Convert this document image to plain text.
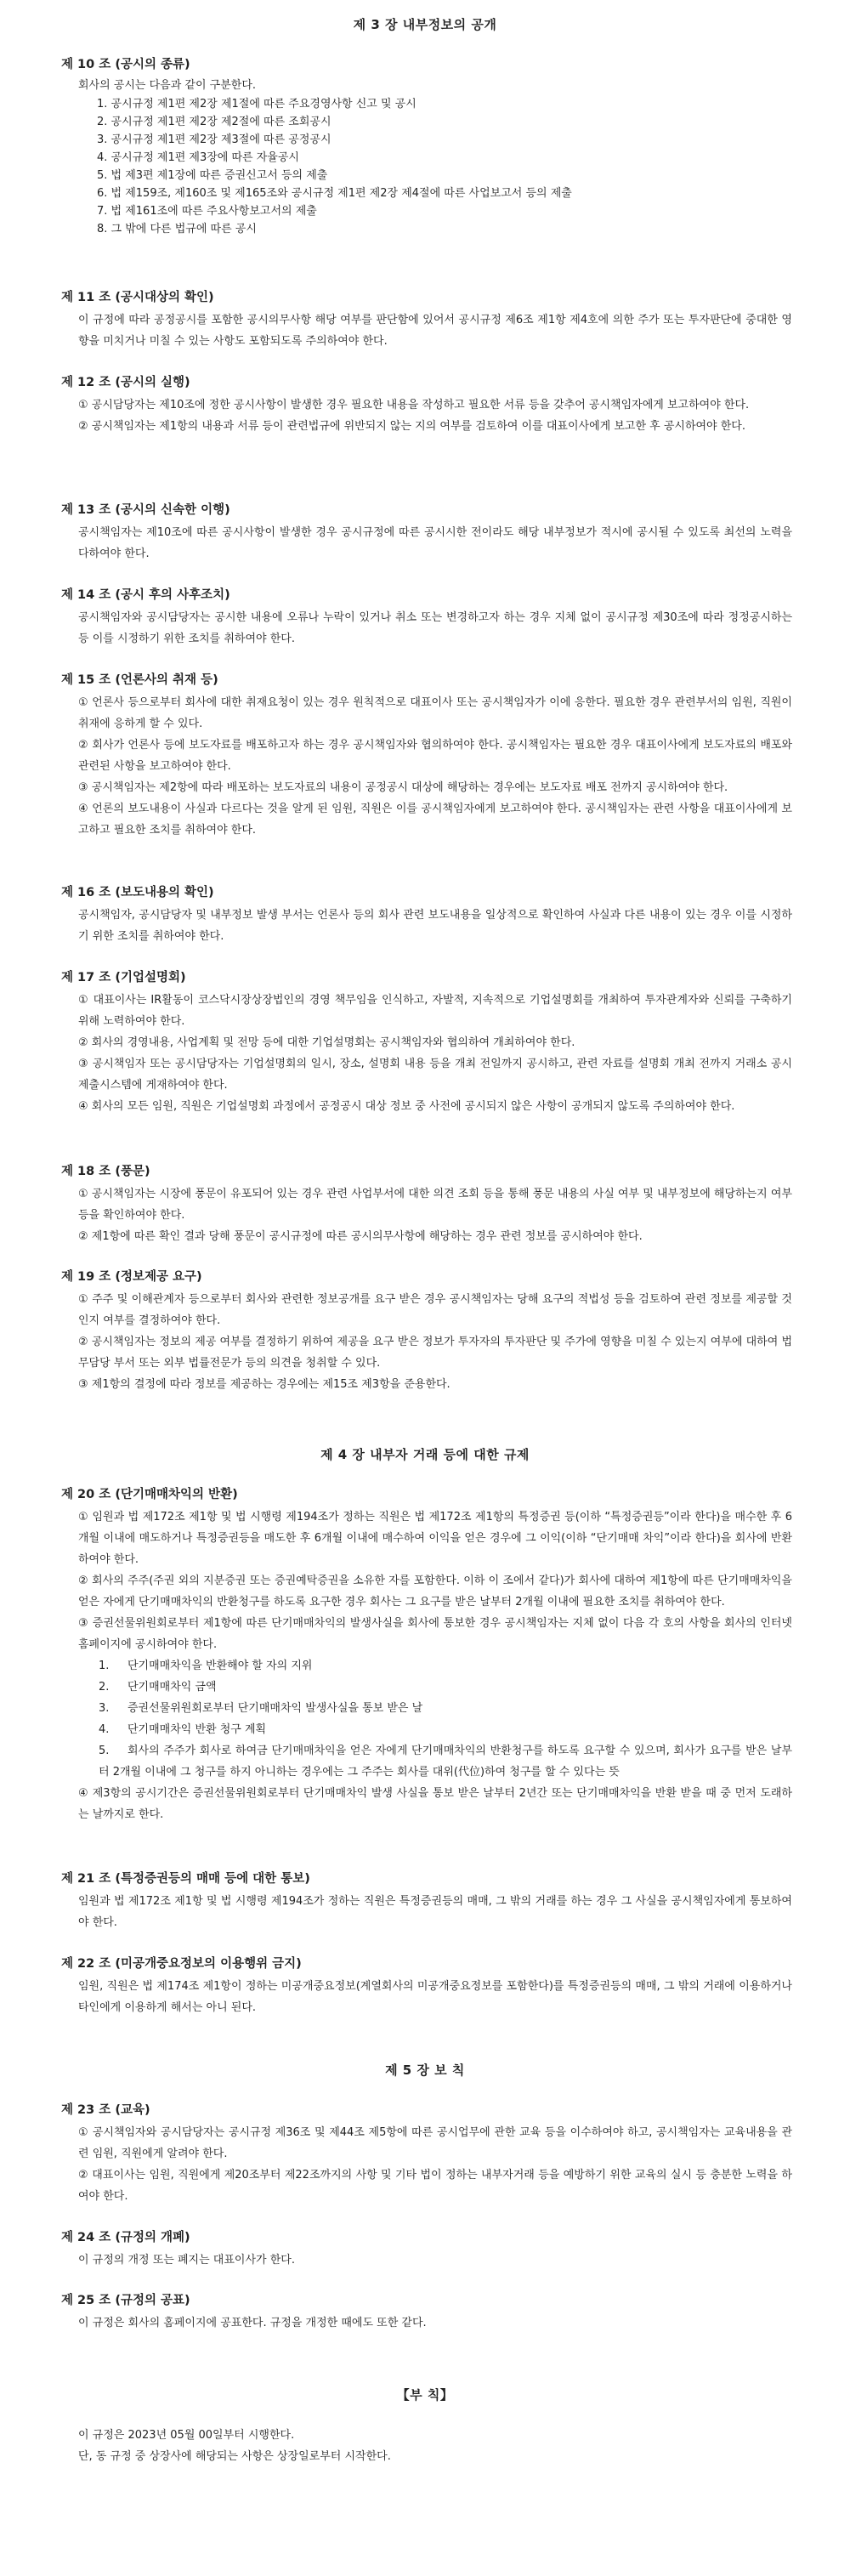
제 3 장 내부정보의 공개
제 10 조 (공시의 종류)
회사의 공시는 다음과 같이 구분한다.
1. 공시규정 제1편 제2장 제1절에 따른 주요경영사항 신고 및 공시
2. 공시규정 제1편 제2장 제2절에 따른 조회공시
3. 공시규정 제1편 제2장 제3절에 따른 공정공시
4. 공시규정 제1편 제3장에 따른 자율공시
5. 법 제3편 제1장에 따른 증권신고서 등의 제출
6. 법 제159조, 제160조 및 제165조와 공시규정 제1편 제2장 제4절에 따른 사업보고서 등의 제출
7. 법 제161조에 따른 주요사항보고서의 제출
8. 그 밖에 다른 법규에 따른 공시
제 11 조 (공시대상의 확인)
이 규정에 따라 공정공시를 포함한 공시의무사항 해당 여부를 판단함에 있어서 공시규정 제6조 제1항 제4호에 의한 주가 또는 투자판단에 중대한 영향을 미치거나 미칠 수 있는 사항도 포함되도록 주의하여야 한다.
제 12 조 (공시의 실행)
① 공시담당자는 제10조에 정한 공시사항이 발생한 경우 필요한 내용을 작성하고 필요한 서류 등을 갖추어 공시책임자에게 보고하여야 한다.
② 공시책임자는 제1항의 내용과 서류 등이 관련법규에 위반되지 않는 지의 여부를 검토하여 이를 대표이사에게 보고한 후 공시하여야 한다.
제 13 조 (공시의 신속한 이행)
공시책임자는 제10조에 따른 공시사항이 발생한 경우 공시규정에 따른 공시시한 전이라도 해당 내부정보가 적시에 공시될 수 있도록 최선의 노력을 다하여야 한다.
제 14 조 (공시 후의 사후조치)
공시책임자와 공시담당자는 공시한 내용에 오류나 누락이 있거나 취소 또는 변경하고자 하는 경우 지체 없이 공시규정 제30조에 따라 정정공시하는 등 이를 시정하기 위한 조치를 취하여야 한다.
제 15 조 (언론사의 취재 등)
① 언론사 등으로부터 회사에 대한 취재요청이 있는 경우 원칙적으로 대표이사 또는 공시책임자가 이에 응한다. 필요한 경우 관련부서의 임원, 직원이 취재에 응하게 할 수 있다.
② 회사가 언론사 등에 보도자료를 배포하고자 하는 경우 공시책임자와 협의하여야 한다. 공시책임자는 필요한 경우 대표이사에게 보도자료의 배포와 관련된 사항을 보고하여야 한다.
③ 공시책임자는 제2항에 따라 배포하는 보도자료의 내용이 공정공시 대상에 해당하는 경우에는 보도자료 배포 전까지 공시하여야 한다.
④ 언론의 보도내용이 사실과 다르다는 것을 알게 된 임원, 직원은 이를 공시책임자에게 보고하여야 한다. 공시책임자는 관련 사항을 대표이사에게 보고하고 필요한 조치를 취하여야 한다.
제 16 조 (보도내용의 확인)
공시책임자, 공시담당자 및 내부정보 발생 부서는 언론사 등의 회사 관련 보도내용을 일상적으로 확인하여 사실과 다른 내용이 있는 경우 이를 시정하기 위한 조치를 취하여야 한다.
제 17 조 (기업설명회)
① 대표이사는 IR활동이 코스닥시장상장법인의 경영 책무임을 인식하고, 자발적, 지속적으로 기업설명회를 개최하여 투자관계자와 신뢰를 구축하기 위해 노력하여야 한다.
② 회사의 경영내용, 사업계획 및 전망 등에 대한 기업설명회는 공시책임자와 협의하여 개최하여야 한다.
③ 공시책임자 또는 공시담당자는 기업설명회의 일시, 장소, 설명회 내용 등을 개최 전일까지 공시하고, 관련 자료를 설명회 개최 전까지 거래소 공시제출시스템에 게재하여야 한다.
④ 회사의 모든 임원, 직원은 기업설명회 과정에서 공정공시 대상 정보 중 사전에 공시되지 않은 사항이 공개되지 않도록 주의하여야 한다.
제 18 조 (풍문)
① 공시책임자는 시장에 풍문이 유포되어 있는 경우 관련 사업부서에 대한 의견 조회 등을 통해 풍문 내용의 사실 여부 및 내부정보에 해당하는지 여부 등을 확인하여야 한다.
② 제1항에 따른 확인 결과 당해 풍문이 공시규정에 따른 공시의무사항에 해당하는 경우 관련 정보를 공시하여야 한다.
제 19 조 (정보제공 요구)
① 주주 및 이해관계자 등으로부터 회사와 관련한 정보공개를 요구 받은 경우 공시책임자는 당해 요구의 적법성 등을 검토하여 관련 정보를 제공할 것인지 여부를 결정하여야 한다.
② 공시책임자는 정보의 제공 여부를 결정하기 위하여 제공을 요구 받은 정보가 투자자의 투자판단 및 주가에 영향을 미칠 수 있는지 여부에 대하여 법무담당 부서 또는 외부 법률전문가 등의 의견을 청취할 수 있다.
③ 제1항의 결정에 따라 정보를 제공하는 경우에는 제15조 제3항을 준용한다.
제 4 장 내부자 거래 등에 대한 규제
제 20 조 (단기매매차익의 반환)
① 임원과 법 제172조 제1항 및 법 시행령 제194조가 정하는 직원은 법 제172조 제1항의 특정증권 등(이하 “특정증권등”이라 한다)을 매수한 후 6개월 이내에 매도하거나 특정증권등을 매도한 후 6개월 이내에 매수하여 이익을 얻은 경우에 그 이익(이하 “단기매매 차익”이라 한다)을 회사에 반환하여야 한다.
② 회사의 주주(주권 외의 지분증권 또는 증권예탁증권을 소유한 자를 포함한다. 이하 이 조에서 같다)가 회사에 대하여 제1항에 따른 단기매매차익을 얻은 자에게 단기매매차익의 반환청구를 하도록 요구한 경우 회사는 그 요구를 받은 날부터 2개월 이내에 필요한 조치를 취하여야 한다.
③ 증권선물위원회로부터 제1항에 따른 단기매매차익의 발생사실을 회사에 통보한 경우 공시책임자는 지체 없이 다음 각 호의 사항을 회사의 인터넷 홈페이지에 공시하여야 한다.
1. 단기매매차익을 반환해야 할 자의 지위
2. 단기매매차익 금액
3. 증권선물위원회로부터 단기매매차익 발생사실을 통보 받은 날
4. 단기매매차익 반환 청구 계획
5. 회사의 주주가 회사로 하여금 단기매매차익을 얻은 자에게 단기매매차익의 반환청구를 하도록 요구할 수 있으며, 회사가 요구를 받은 날부터 2개월 이내에 그 청구를 하지 아니하는 경우에는 그 주주는 회사를 대위(代位)하여 청구를 할 수 있다는 뜻
④ 제3항의 공시기간은 증권선물위원회로부터 단기매매차익 발생 사실을 통보 받은 날부터 2년간 또는 단기매매차익을 반환 받을 때 중 먼저 도래하는 날까지로 한다.
제 21 조 (특정증권등의 매매 등에 대한 통보)
임원과 법 제172조 제1항 및 법 시행령 제194조가 정하는 직원은 특정증권등의 매매, 그 밖의 거래를 하는 경우 그 사실을 공시책임자에게 통보하여야 한다.
제 22 조 (미공개중요정보의 이용행위 금지)
임원, 직원은 법 제174조 제1항이 정하는 미공개중요정보(계열회사의 미공개중요정보를 포함한다)를 특정증권등의 매매, 그 밖의 거래에 이용하거나 타인에게 이용하게 해서는 아니 된다.
제 5 장 보 칙
제 23 조 (교육)
① 공시책임자와 공시담당자는 공시규정 제36조 및 제44조 제5항에 따른 공시업무에 관한 교육 등을 이수하여야 하고, 공시책임자는 교육내용을 관련 임원, 직원에게 알려야 한다.
② 대표이사는 임원, 직원에게 제20조부터 제22조까지의 사항 및 기타 법이 정하는 내부자거래 등을 예방하기 위한 교육의 실시 등 충분한 노력을 하여야 한다.
제 24 조 (규정의 개폐)
이 규정의 개정 또는 폐지는 대표이사가 한다.
제 25 조 (규정의 공표)
이 규정은 회사의 홈페이지에 공표한다. 규정을 개정한 때에도 또한 같다.
【부 칙】
이 규정은 2023년 05월 00일부터 시행한다.
단, 동 규정 중 상장사에 해당되는 사항은 상장일로부터 시작한다.
